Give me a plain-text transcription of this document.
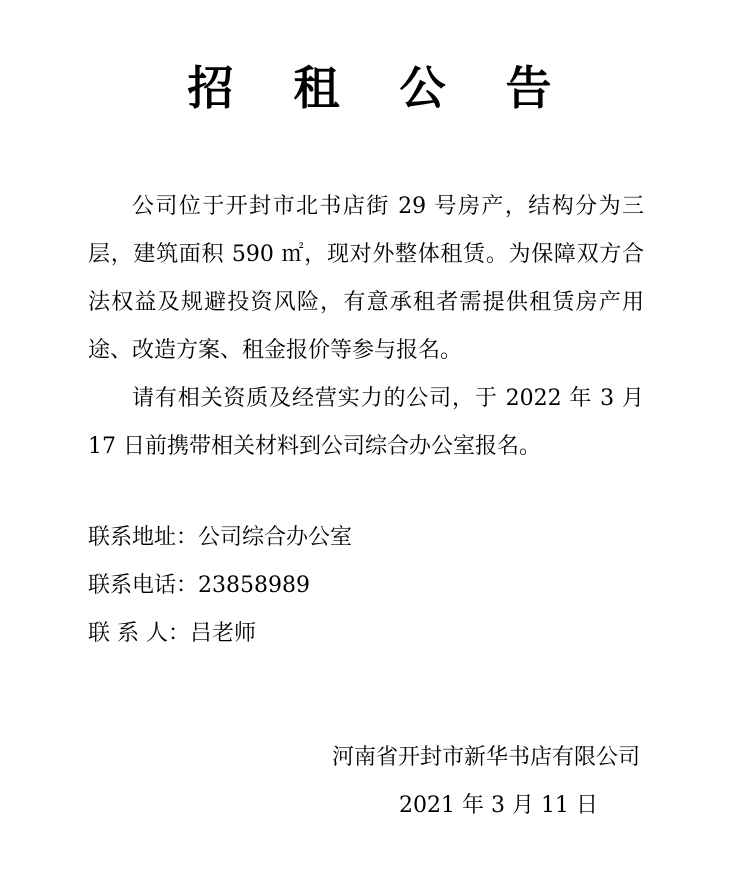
招 租 公 告

公司位于开封市北书店街 29 号房产，结构分为三层，建筑面积 590 ㎡，现对外整体租赁。为保障双方合法权益及规避投资风险，有意承租者需提供租赁房产用途、改造方案、租金报价等参与报名。

请有相关资质及经营实力的公司，于 2022 年 3 月 17 日前携带相关材料到公司综合办公室报名。

联系地址：公司综合办公室
联系电话：23858989
联 系 人：吕老师
河南省开封市新华书店有限公司
2021 年 3 月 11 日
